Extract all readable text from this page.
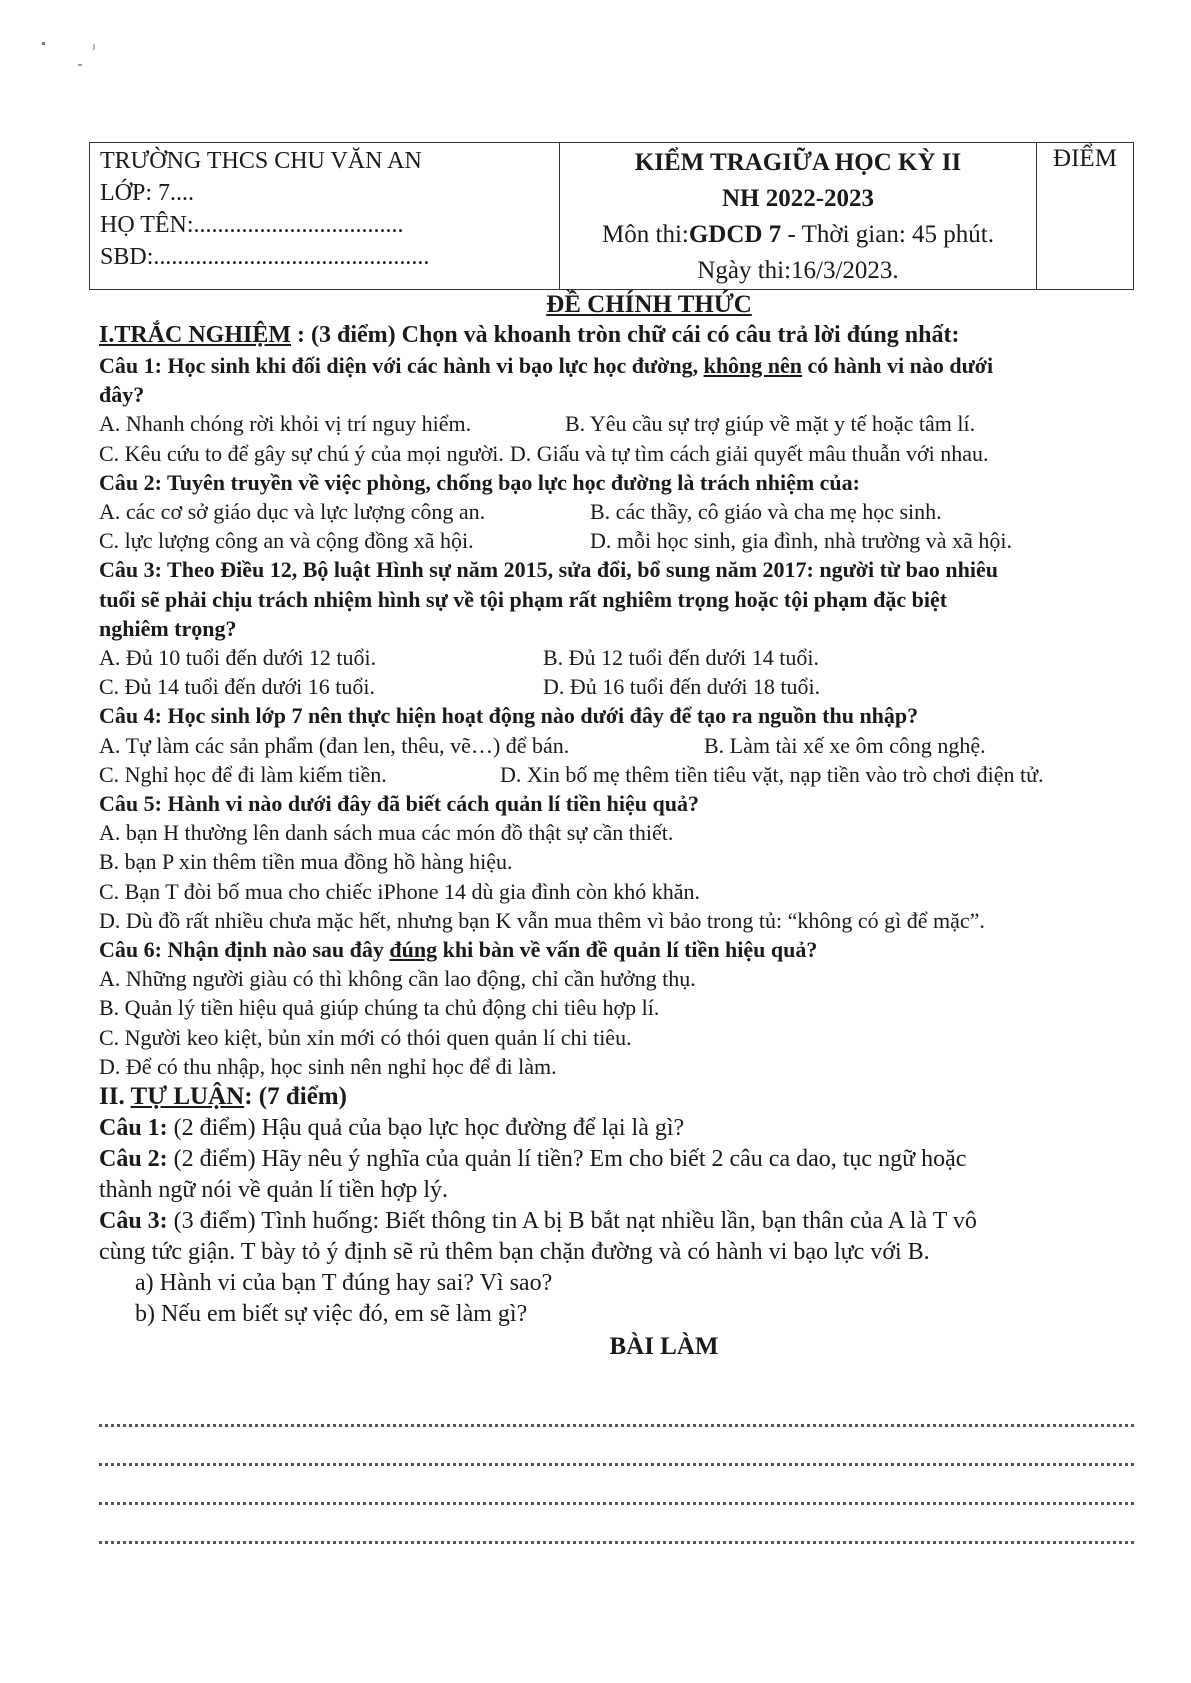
TRƯỜNG THCS CHU VĂN AN
LỚP: 7....
HỌ TÊN:...................................
SBD:..............................................

KIỂM TRAGIỮA HỌC KỲ II
NH 2022-2023
Môn thi:GDCD 7 - Thời gian: 45 phút.
Ngày thi:16/3/2023.

ĐIỂM
ĐỀ CHÍNH THỨC
I.TRẮC NGHIỆM : (3 điểm) Chọn và khoanh tròn chữ cái có câu trả lời đúng nhất:
Câu 1: Học sinh khi đối diện với các hành vi bạo lực học đường, không nên có hành vi nào dưới
đây?
A. Nhanh chóng rời khỏi vị trí nguy hiểm.	B. Yêu cầu sự trợ giúp về mặt y tế hoặc tâm lí.
C. Kêu cứu to để gây sự chú ý của mọi người. D. Giấu và tự tìm cách giải quyết mâu thuẫn với nhau.
Câu 2: Tuyên truyền về việc phòng, chống bạo lực học đường là trách nhiệm của:
A. các cơ sở giáo dục và lực lượng công an.	B. các thầy, cô giáo và cha mẹ học sinh.
C. lực lượng công an và cộng đồng xã hội.	D. mỗi học sinh, gia đình, nhà trường và xã hội.
Câu 3: Theo Điều 12, Bộ luật Hình sự năm 2015, sửa đổi, bổ sung năm 2017: người từ bao nhiêu
tuổi sẽ phải chịu trách nhiệm hình sự về tội phạm rất nghiêm trọng hoặc tội phạm đặc biệt
nghiêm trọng?
A. Đủ 10 tuổi đến dưới 12 tuổi.	B. Đủ 12 tuổi đến dưới 14 tuổi.
C. Đủ 14 tuổi đến dưới 16 tuổi.	D. Đủ 16 tuổi đến dưới 18 tuổi.
Câu 4: Học sinh lớp 7 nên thực hiện hoạt động nào dưới đây để tạo ra nguồn thu nhập?
A. Tự làm các sản phẩm (đan len, thêu, vẽ…) để bán.	B. Làm tài xế xe ôm công nghệ.
C. Nghỉ học để đi làm kiếm tiền.	D. Xin bố mẹ thêm tiền tiêu vặt, nạp tiền vào trò chơi điện tử.
Câu 5: Hành vi nào dưới đây đã biết cách quản lí tiền hiệu quả?
A. bạn H thường lên danh sách mua các món đồ thật sự cần thiết.
B. bạn P xin thêm tiền mua đồng hồ hàng hiệu.
C. Bạn T đòi bố mua cho chiếc iPhone 14 dù gia đình còn khó khăn.
D. Dù đồ rất nhiều chưa mặc hết, nhưng bạn K vẫn mua thêm vì bảo trong tủ: “không có gì để mặc”.
Câu 6: Nhận định nào sau đây đúng khi bàn về vấn đề quản lí tiền hiệu quả?
A. Những người giàu có thì không cần lao động, chỉ cần hưởng thụ.
B. Quản lý tiền hiệu quả giúp chúng ta chủ động chi tiêu hợp lí.
C. Người keo kiệt, bủn xỉn mới có thói quen quản lí chi tiêu.
D. Để có thu nhập, học sinh nên nghỉ học để đi làm.
II. TỰ LUẬN: (7 điểm)
Câu 1: (2 điểm) Hậu quả của bạo lực học đường để lại là gì?
Câu 2: (2 điểm) Hãy nêu ý nghĩa của quản lí tiền? Em cho biết 2 câu ca dao, tục ngữ hoặc
thành ngữ nói về quản lí tiền hợp lý.
Câu 3: (3 điểm) Tình huống: Biết thông tin A bị B bắt nạt nhiều lần, bạn thân của A là T vô
cùng tức giận. T bày tỏ ý định sẽ rủ thêm bạn chặn đường và có hành vi bạo lực với B.
a) Hành vi của bạn T đúng hay sai? Vì sao?
b) Nếu em biết sự việc đó, em sẽ làm gì?
BÀI LÀM
